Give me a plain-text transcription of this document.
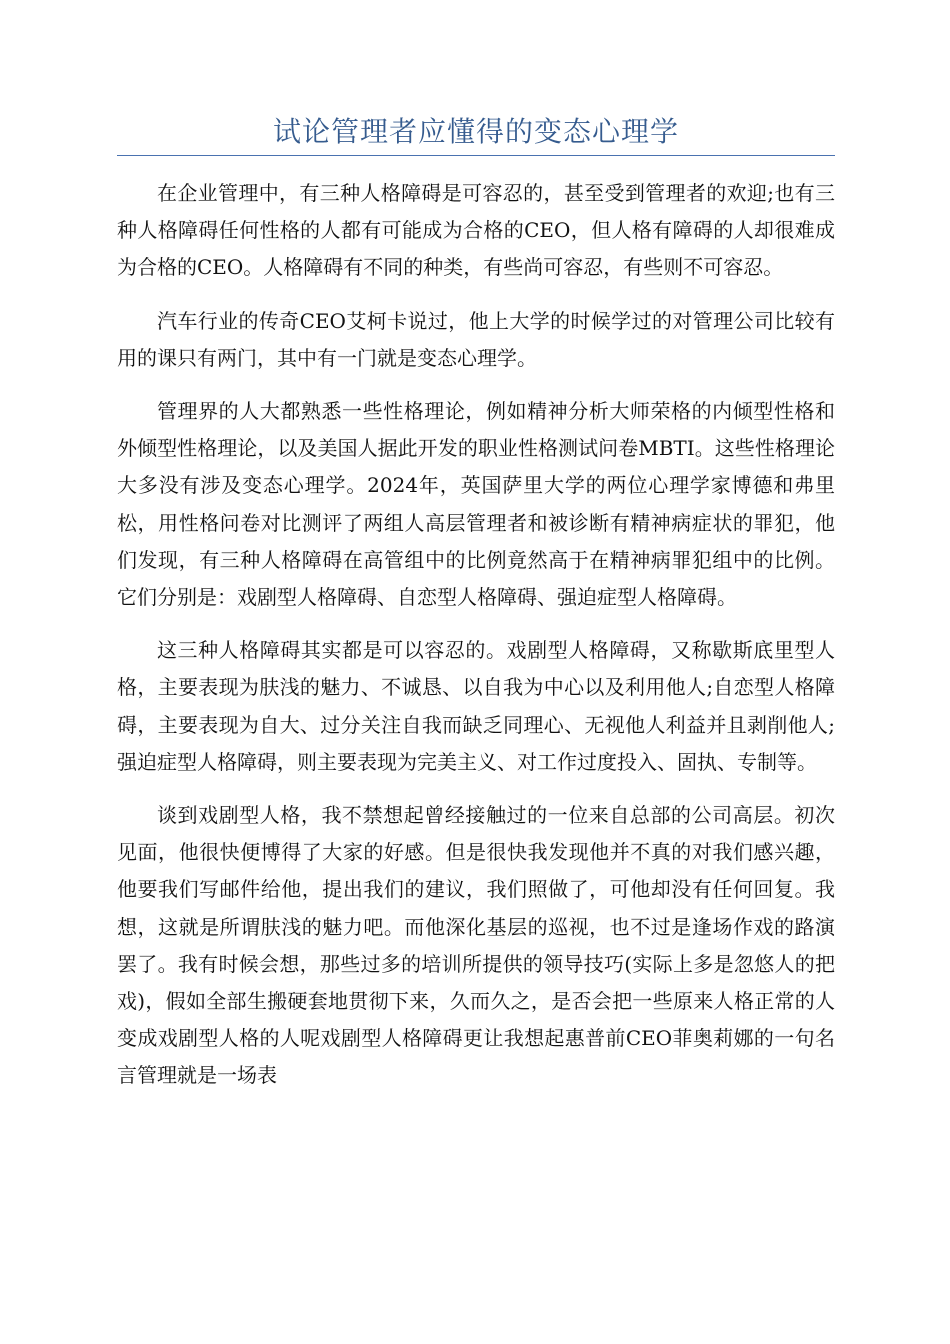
试论管理者应懂得的变态心理学

在企业管理中，有三种人格障碍是可容忍的，甚至受到管理者的欢迎;也有三种人格障碍任何性格的人都有可能成为合格的CEO，但人格有障碍的人却很难成为合格的CEO。人格障碍有不同的种类，有些尚可容忍，有些则不可容忍。

汽车行业的传奇CEO艾柯卡说过，他上大学的时候学过的对管理公司比较有用的课只有两门，其中有一门就是变态心理学。

管理界的人大都熟悉一些性格理论，例如精神分析大师荣格的内倾型性格和外倾型性格理论，以及美国人据此开发的职业性格测试问卷MBTI。这些性格理论大多没有涉及变态心理学。2024年，英国萨里大学的两位心理学家博德和弗里松，用性格问卷对比测评了两组人高层管理者和被诊断有精神病症状的罪犯，他们发现，有三种人格障碍在高管组中的比例竟然高于在精神病罪犯组中的比例。它们分别是：戏剧型人格障碍、自恋型人格障碍、强迫症型人格障碍。

这三种人格障碍其实都是可以容忍的。戏剧型人格障碍，又称歇斯底里型人格，主要表现为肤浅的魅力、不诚恳、以自我为中心以及利用他人;自恋型人格障碍，主要表现为自大、过分关注自我而缺乏同理心、无视他人利益并且剥削他人;强迫症型人格障碍，则主要表现为完美主义、对工作过度投入、固执、专制等。

谈到戏剧型人格，我不禁想起曾经接触过的一位来自总部的公司高层。初次见面，他很快便博得了大家的好感。但是很快我发现他并不真的对我们感兴趣，他要我们写邮件给他，提出我们的建议，我们照做了，可他却没有任何回复。我想，这就是所谓肤浅的魅力吧。而他深化基层的巡视，也不过是逢场作戏的路演罢了。我有时候会想，那些过多的培训所提供的领导技巧(实际上多是忽悠人的把戏)，假如全部生搬硬套地贯彻下来，久而久之，是否会把一些原来人格正常的人变成戏剧型人格的人呢戏剧型人格障碍更让我想起惠普前CEO菲奥莉娜的一句名言管理就是一场表
